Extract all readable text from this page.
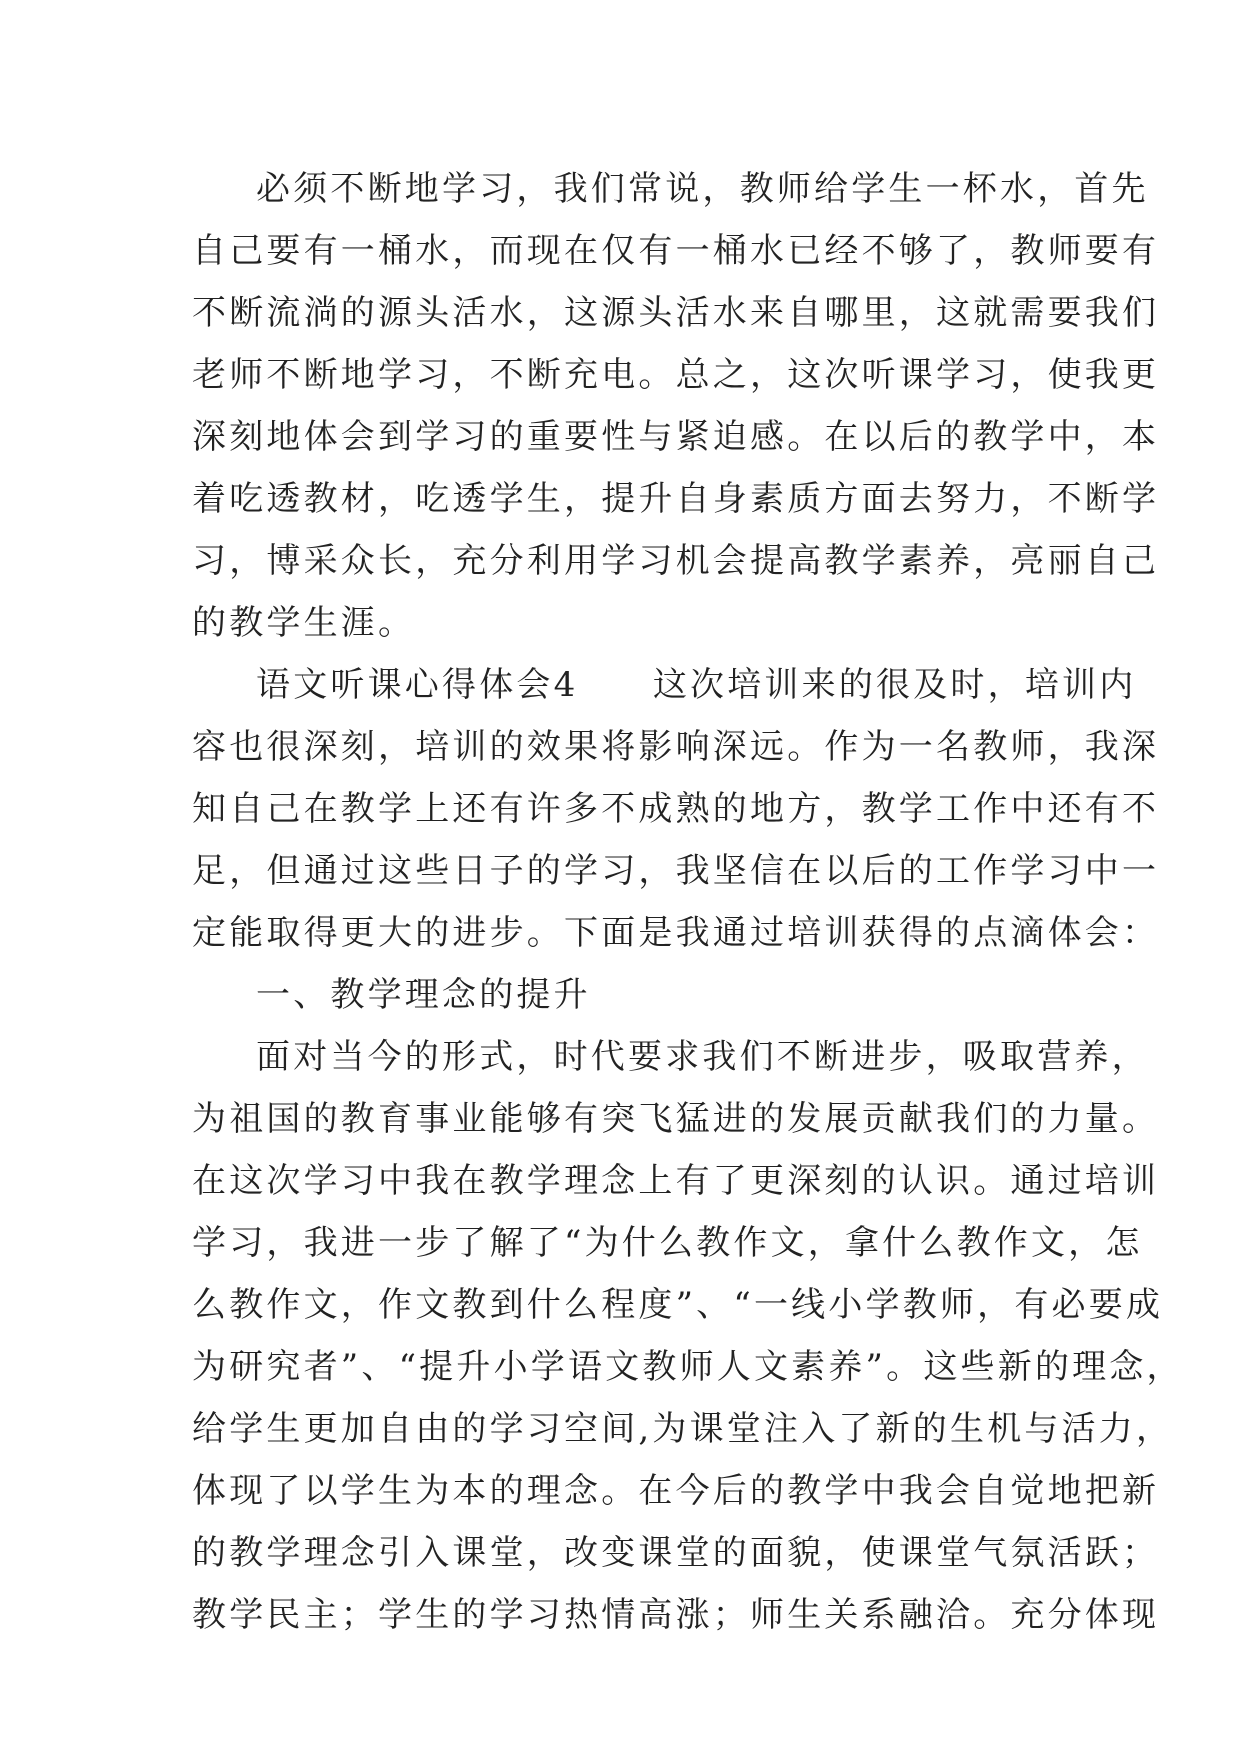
必须不断地学习，我们常说，教师给学生一杯水，首先
自己要有一桶水，而现在仅有一桶水已经不够了，教师要有
不断流淌的源头活水，这源头活水来自哪里，这就需要我们
老师不断地学习，不断充电。总之，这次听课学习，使我更
深刻地体会到学习的重要性与紧迫感。在以后的教学中，本
着吃透教材，吃透学生，提升自身素质方面去努力，不断学
习，博采众长，充分利用学习机会提高教学素养，亮丽自己
的教学生涯。
语文听课心得体会4　　这次培训来的很及时，培训内
容也很深刻，培训的效果将影响深远。作为一名教师，我深
知自己在教学上还有许多不成熟的地方，教学工作中还有不
足，但通过这些日子的学习，我坚信在以后的工作学习中一
定能取得更大的进步。下面是我通过培训获得的点滴体会：
一、教学理念的提升
面对当今的形式，时代要求我们不断进步，吸取营养，
为祖国的教育事业能够有突飞猛进的发展贡献我们的力量。
在这次学习中我在教学理念上有了更深刻的认识。通过培训
学习，我进一步了解了“为什么教作文，拿什么教作文，怎
么教作文，作文教到什么程度”、“一线小学教师，有必要成
为研究者”、“提升小学语文教师人文素养”。这些新的理念，
给学生更加自由的学习空间,为课堂注入了新的生机与活力，
体现了以学生为本的理念。在今后的教学中我会自觉地把新
的教学理念引入课堂，改变课堂的面貌，使课堂气氛活跃；
教学民主；学生的学习热情高涨；师生关系融洽。充分体现
